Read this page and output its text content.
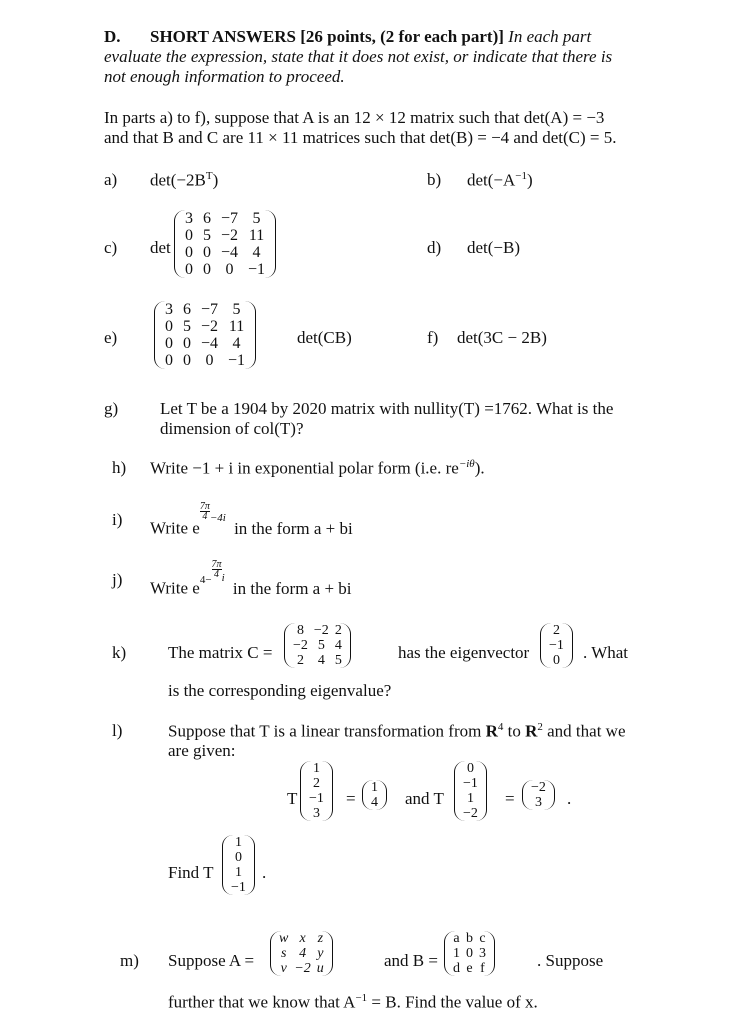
D. SHORT ANSWERS [26 points, (2 for each part)] In each part
evaluate the expression, state that it does not exist, or indicate that there is
not enough information to proceed.
In parts a) to f), suppose that A is an 12 × 12 matrix such that det(A) = −3
and that B and C are 11 × 11 matrices such that det(B) = −4 and det(C) = 5.
a) $\det(-2B^T)$	b) $\det(-A^{-1})$
c) det
3	6	−7	5
0	5	−2	11
0	0	−4	4
0	0	0	−1
d) det(−B)
e)
3	6	−7	5
0	5	−2	11
0	0	−4	4
0	0	0	−1
det(CB)	f) det(3C − 2B)
g) Let T be a 1904 by 2020 matrix with nullity(T) =1762. What is the
dimension of col(T)?
h) Write −1 + i in exponential polar form (i.e. $re^{-i\theta}$).
i) Write e
$\frac{7\pi}{4}^{-4i}$ in the form a + bi
j) Write $e^{4-}$
$\frac{7\pi}{4}^i$ in the form a + bi
k) The matrix C =
8	−2	2
−2	5	4
2	4	5	has the eigenvector
2
−1
0 . What
is the corresponding eigenvalue?
l)	Suppose that T is a linear transformation from $R^4$ to $R^2$ and that we
are given:
T
1
2
−1
3
=
1
4 and T
0
−1
1
−2
=
−2
3 .
Find T
1
0
1
−1
.
m) Suppose A =
w	x	z
s	4	y
v	−2	u	and B =
a	b	c
1	0	3
d	e	f	. Suppose
further that we know that $A^{-1} = B$. Find the value of x.
